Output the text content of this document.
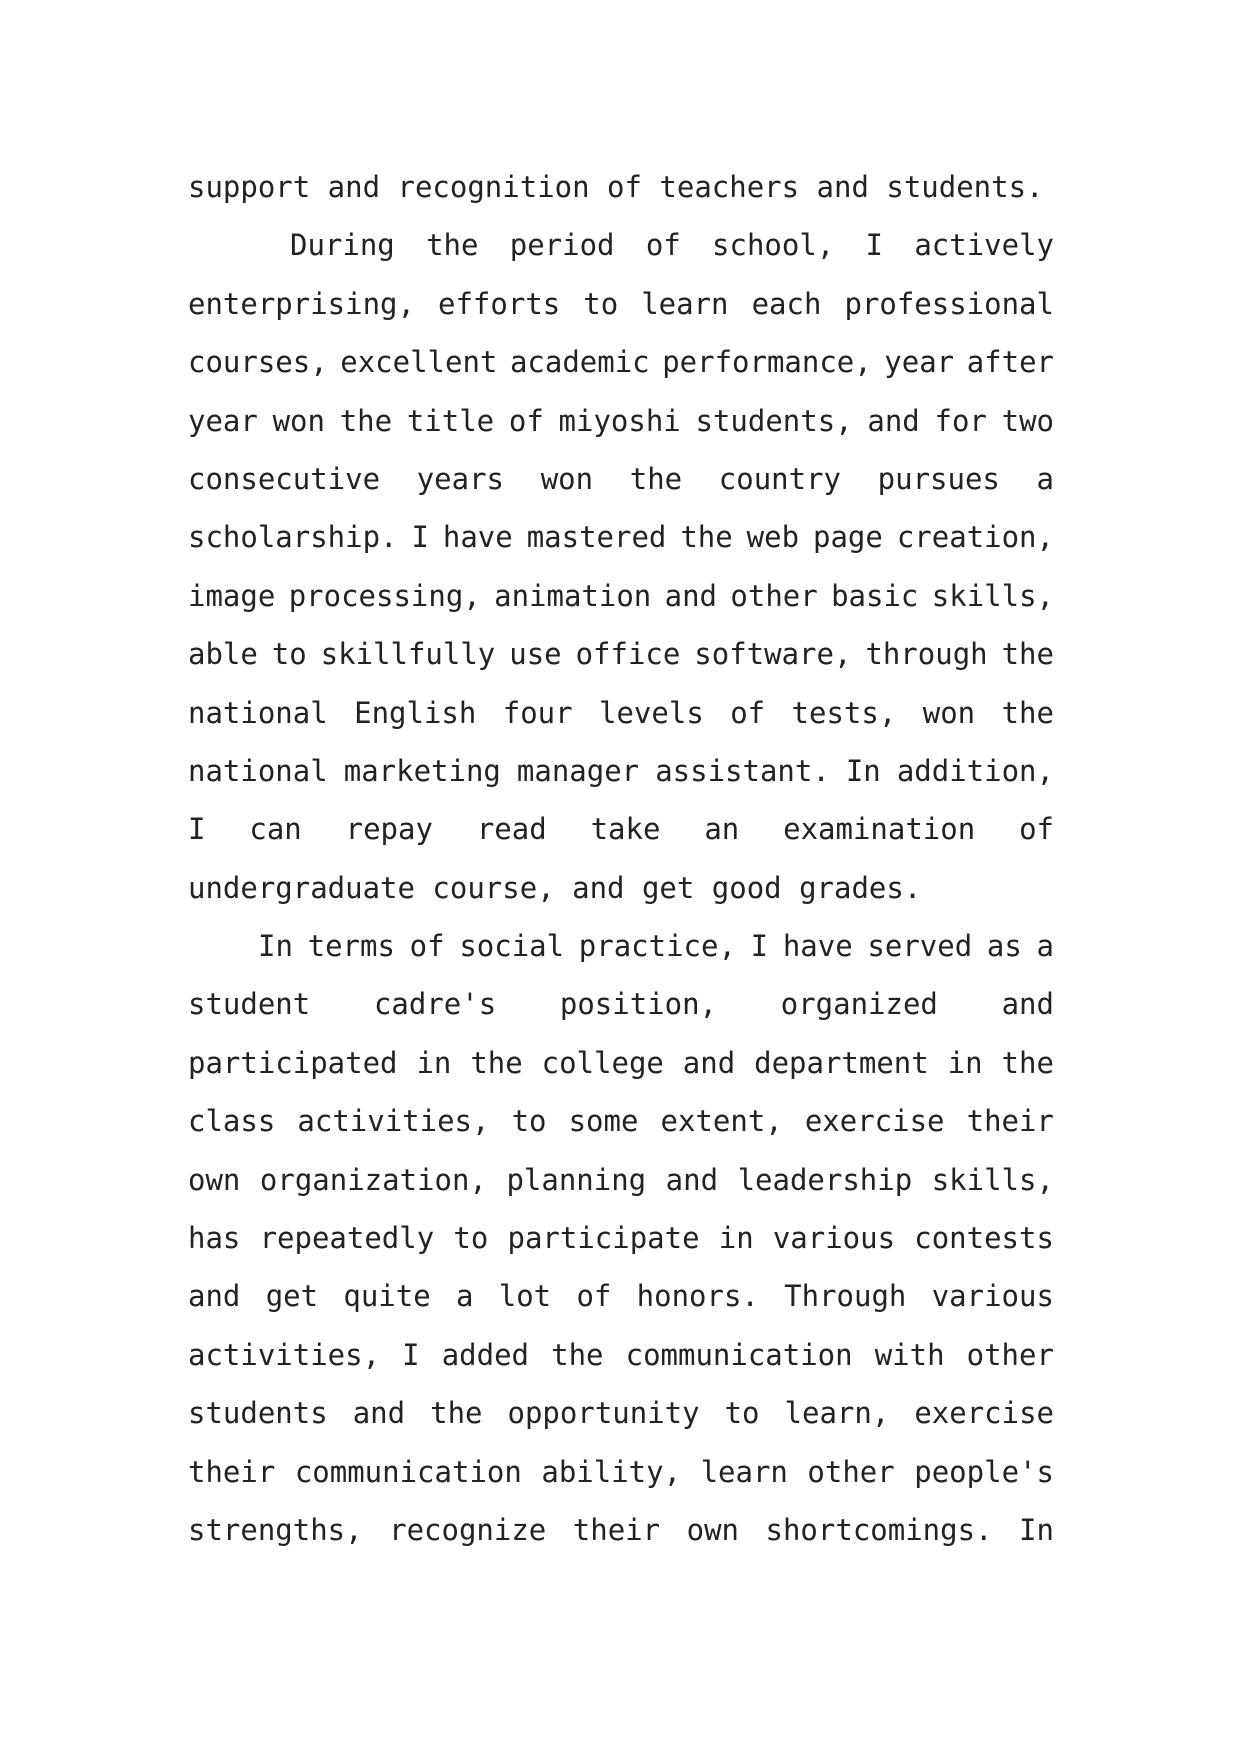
support and recognition of teachers and students.
During the period of school, I actively
enterprising, efforts to learn each professional
courses, excellent academic performance, year after
year won the title of miyoshi students, and for two
consecutive years won the country pursues a
scholarship. I have mastered the web page creation,
image processing, animation and other basic skills,
able to skillfully use office software, through the
national English four levels of tests, won the
national marketing manager assistant. In addition,
I can repay read take an examination of
undergraduate course, and get good grades.
In terms of social practice, I have served as a
student cadre's position, organized and
participated in the college and department in the
class activities, to some extent, exercise their
own organization, planning and leadership skills,
has repeatedly to participate in various contests
and get quite a lot of honors. Through various
activities, I added the communication with other
students and the opportunity to learn, exercise
their communication ability, learn other people's
strengths, recognize their own shortcomings. In
